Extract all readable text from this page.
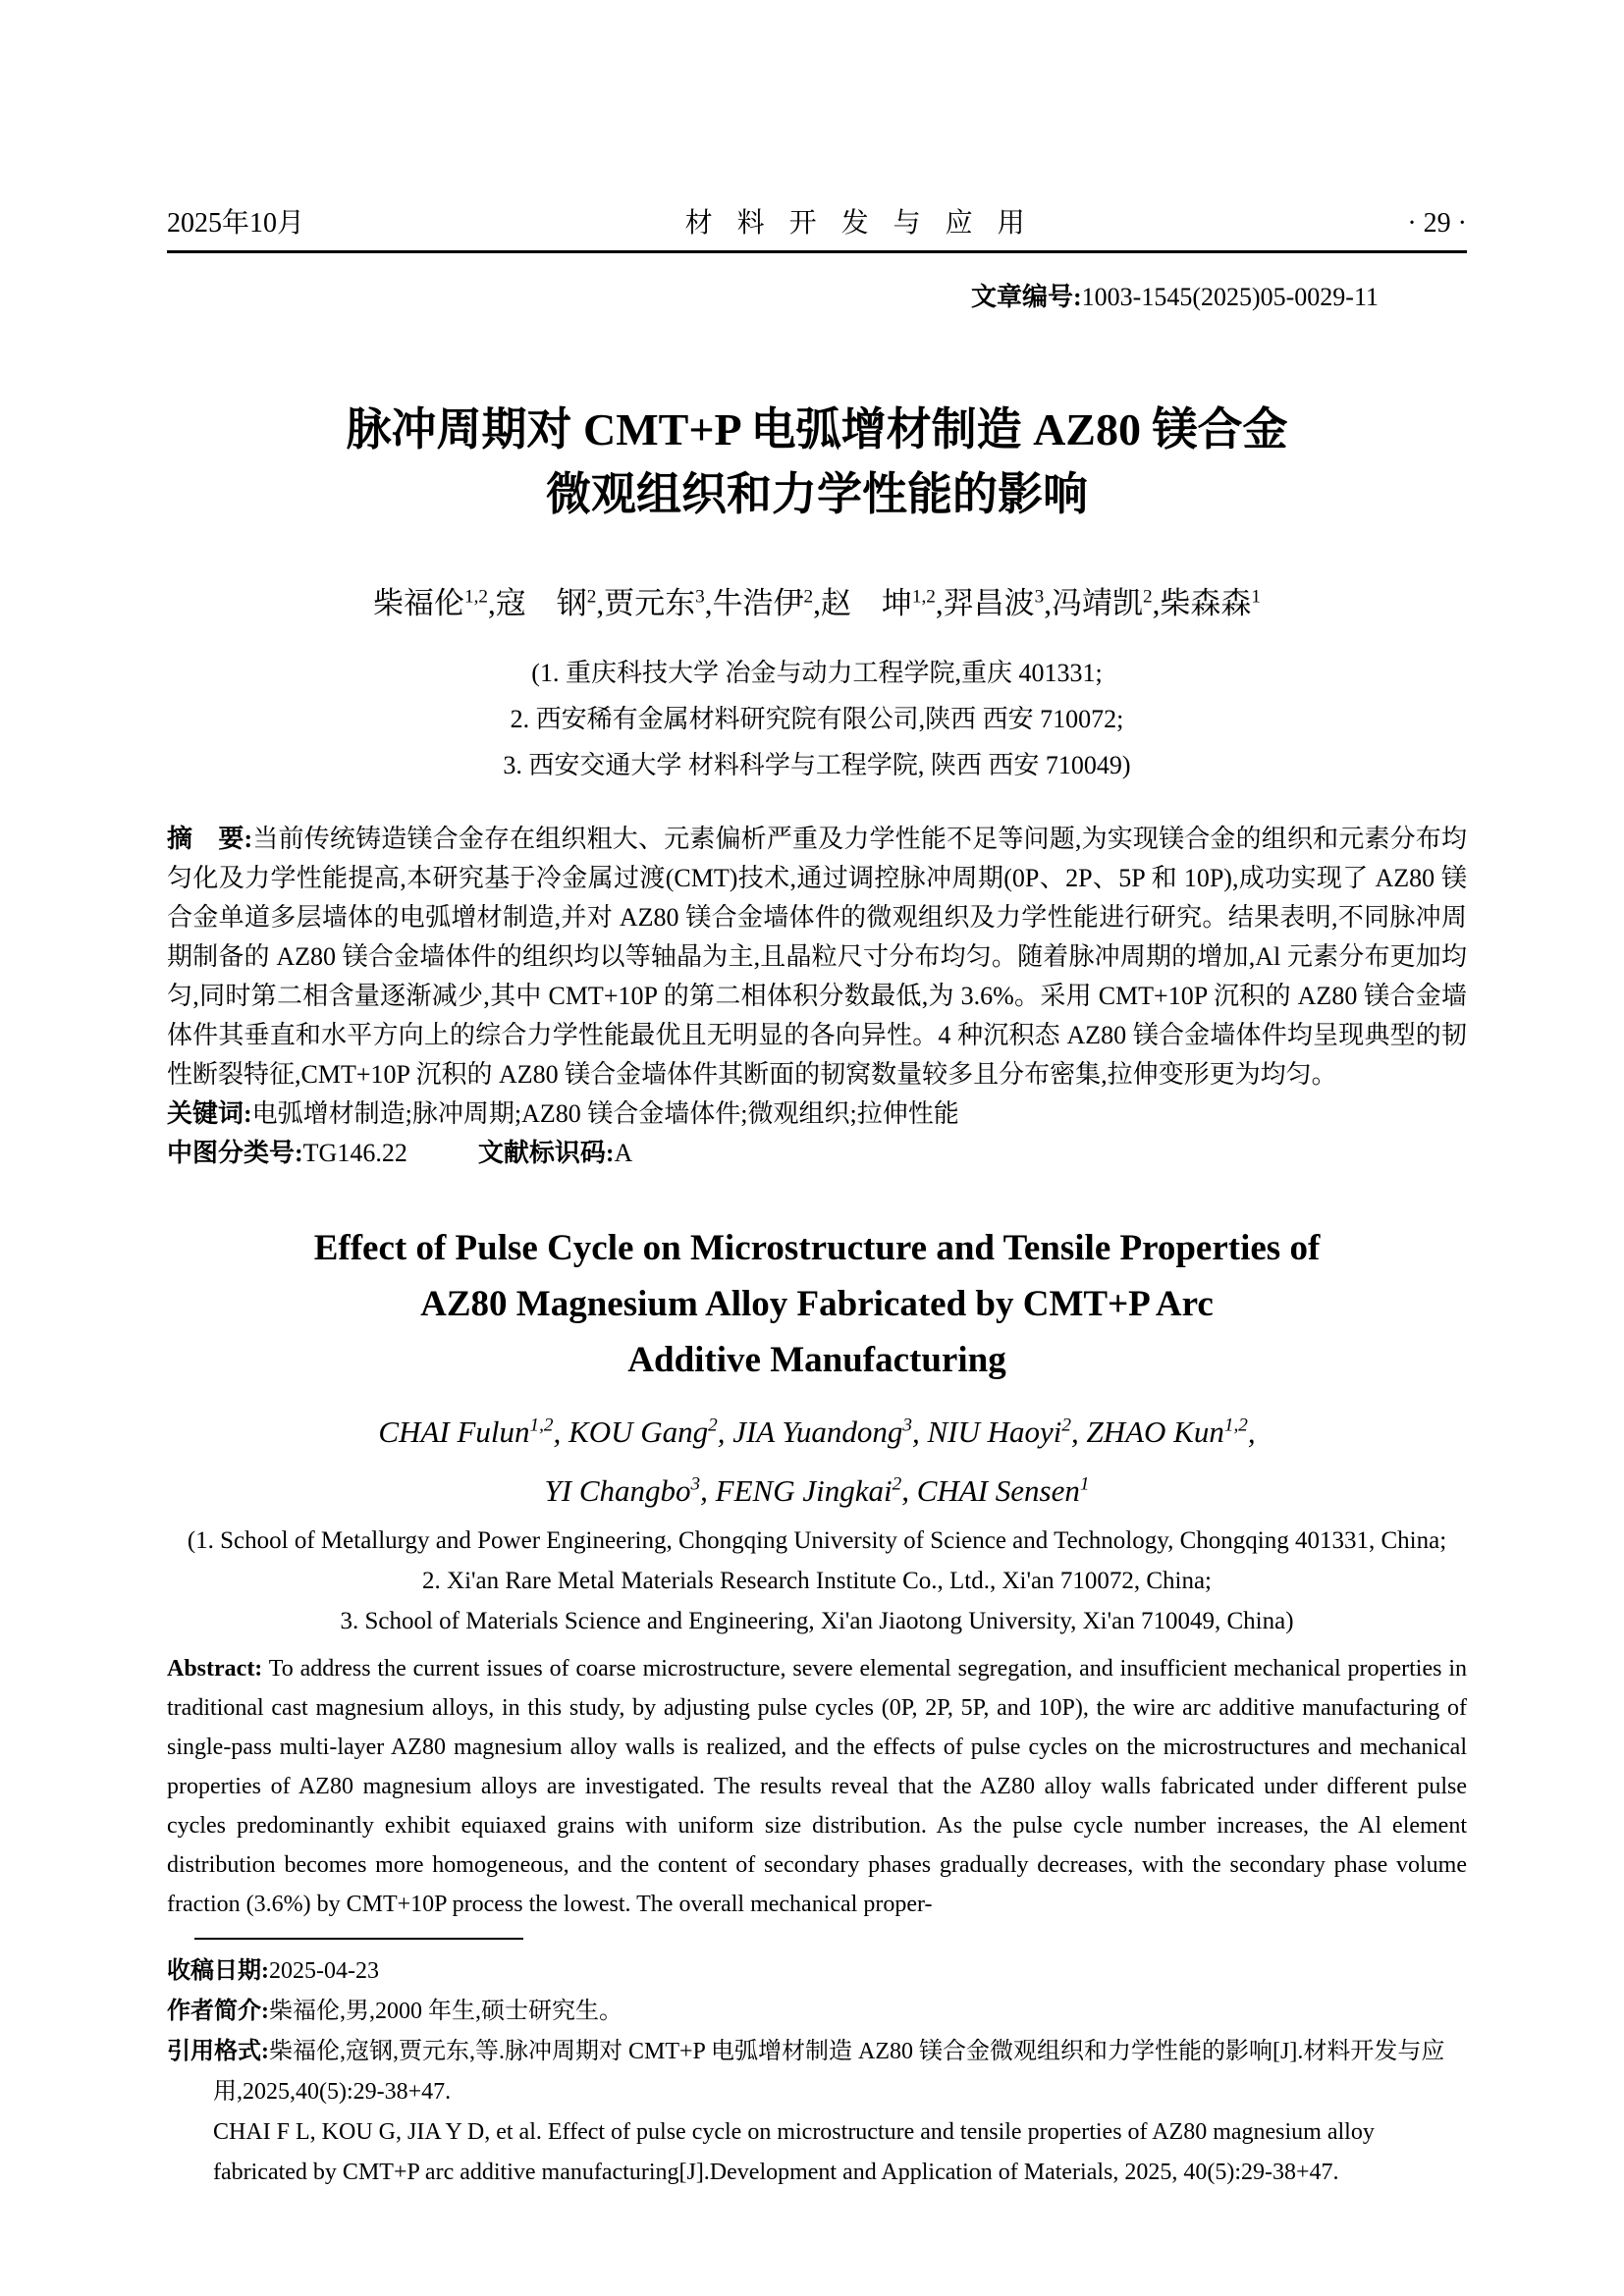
2025年10月	材 料 开 发 与 应 用	· 29 ·
文章编号:1003-1545(2025)05-0029-11
脉冲周期对 CMT+P 电弧增材制造 AZ80 镁合金
微观组织和力学性能的影响
柴福伦$^{1,2}$,寇　钢$^2$,贾元东$^3$,牛浩伊$^2$,赵　坤$^{1,2}$,羿昌波$^3$,冯靖凯$^2$,柴森森$^1$
(1. 重庆科技大学 冶金与动力工程学院,重庆 401331;
2. 西安稀有金属材料研究院有限公司,陕西 西安 710072;
3. 西安交通大学 材料科学与工程学院, 陕西 西安 710049)
摘　要:当前传统铸造镁合金存在组织粗大、元素偏析严重及力学性能不足等问题,为实现镁合金的组织和元素分布均匀化及力学性能提高,本研究基于冷金属过渡(CMT)技术,通过调控脉冲周期(0P、2P、5P 和 10P),成功实现了 AZ80 镁合金单道多层墙体的电弧增材制造,并对 AZ80 镁合金墙体件的微观组织及力学性能进行研究。结果表明,不同脉冲周期制备的 AZ80 镁合金墙体件的组织均以等轴晶为主,且晶粒尺寸分布均匀。随着脉冲周期的增加,Al 元素分布更加均匀,同时第二相含量逐渐减少,其中 CMT+10P 的第二相体积分数最低,为 3.6%。采用 CMT+10P 沉积的 AZ80 镁合金墙体件其垂直和水平方向上的综合力学性能最优且无明显的各向异性。4 种沉积态 AZ80 镁合金墙体件均呈现典型的韧性断裂特征,CMT+10P 沉积的 AZ80 镁合金墙体件其断面的韧窝数量较多且分布密集,拉伸变形更为均匀。
关键词:电弧增材制造;脉冲周期;AZ80 镁合金墙体件;微观组织;拉伸性能
中图分类号:TG146.22	文献标识码:A
Effect of Pulse Cycle on Microstructure and Tensile Properties of
AZ80 Magnesium Alloy Fabricated by CMT+P Arc
Additive Manufacturing
CHAI Fulun$^{1,2}$, KOU Gang$^2$, JIA Yuandong$^3$, NIU Haoyi$^2$, ZHAO Kun$^{1,2}$,
YI Changbo$^3$, FENG Jingkai$^2$, CHAI Sensen$^1$
(1. School of Metallurgy and Power Engineering, Chongqing University of Science and Technology, Chongqing 401331, China;
2. Xi'an Rare Metal Materials Research Institute Co., Ltd., Xi'an 710072, China;
3. School of Materials Science and Engineering, Xi'an Jiaotong University, Xi'an 710049, China)
Abstract: To address the current issues of coarse microstructure, severe elemental segregation, and insufficient mechanical properties in traditional cast magnesium alloys, in this study, by adjusting pulse cycles (0P, 2P, 5P, and 10P), the wire arc additive manufacturing of single-pass multi-layer AZ80 magnesium alloy walls is realized, and the effects of pulse cycles on the microstructures and mechanical properties of AZ80 magnesium alloys are investigated. The results reveal that the AZ80 alloy walls fabricated under different pulse cycles predominantly exhibit equiaxed grains with uniform size distribution. As the pulse cycle number increases, the Al element distribution becomes more homogeneous, and the content of secondary phases gradually decreases, with the secondary phase volume fraction (3.6%) by CMT+10P process the lowest. The overall mechanical proper-
收稿日期:2025-04-23
作者简介:柴福伦,男,2000 年生,硕士研究生。
引用格式:柴福伦,寇钢,贾元东,等.脉冲周期对 CMT+P 电弧增材制造 AZ80 镁合金微观组织和力学性能的影响[J].材料开发与应用,2025,40(5):29-38+47.
CHAI F L, KOU G, JIA Y D, et al. Effect of pulse cycle on microstructure and tensile properties of AZ80 magnesium alloy fabricated by CMT+P arc additive manufacturing[J].Development and Application of Materials, 2025, 40(5):29-38+47.
